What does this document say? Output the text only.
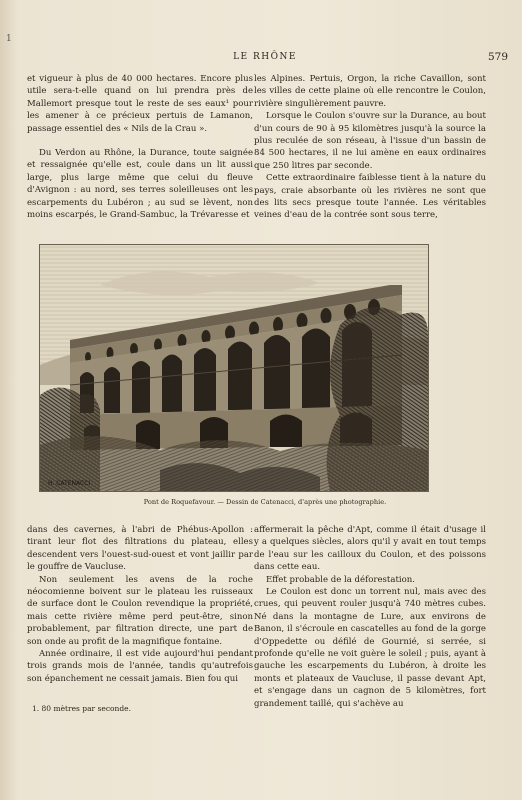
1
LE RHÔNE	579

et vigueur à plus de 40 000 hectares. Encore plus utile sera-t-elle quand on lui prendra près de Mallemort presque tout le reste de ses eaux¹ pour les amener à ce précieux pertuis de Lamanon, passage essentiel des « Nils de la Crau ».

Du Verdon au Rhône, la Durance, toute saignée et ressaignée qu'elle est, coule dans un lit aussi large, plus large même que celui du fleuve d'Avignon : au nord, ses terres soleilleuses ont les escarpements du Lubéron ; au sud se lèvent, non moins escarpés, le Grand-Sambuc, la Trévaresse et

les Alpines. Pertuis, Orgon, la riche Cavaillon, sont les villes de cette plaine où elle rencontre le Coulon, rivière singulièrement pauvre.

Lorsque le Coulon s'ouvre sur la Durance, au bout d'un cours de 90 à 95 kilomètres jusqu'à la source la plus reculée de son réseau, à l'issue d'un bassin de 84 500 hectares, il ne lui amène en eaux ordinaires que 250 litres par seconde.

Cette extraordinaire faiblesse tient à la nature du pays, craie absorbante où les rivières ne sont que des lits secs presque toute l'année. Les véritables veines d'eau de la contrée sont sous terre,

H. CATENACCI
Pont de Roquefavour. — Dessin de Catenacci, d'après une photographie.

dans des cavernes, à l'abri de Phébus-Apollon : tirant leur flot des filtrations du plateau, elles descendent vers l'ouest-sud-ouest et vont jaillir par le gouffre de Vaucluse.

Non seulement les avens de la roche néocomienne boivent sur le plateau les ruisseaux de surface dont le Coulon revendique la propriété, mais cette rivière même perd peut-être, sinon probablement, par filtration directe, une part de son onde au profit de la magnifique fontaine.

Année ordinaire, il est vide aujourd'hui pendant trois grands mois de l'année, tandis qu'autrefois son épanchement ne cessait jamais. Bien fou qui

affermerait la pêche d'Apt, comme il était d'usage il y a quelques siècles, alors qu'il y avait en tout temps de l'eau sur les cailloux du Coulon, et des poissons dans cette eau.

Effet probable de la déforestation.

Le Coulon est donc un torrent nul, mais avec des crues, qui peuvent rouler jusqu'à 740 mètres cubes. Né dans la montagne de Lure, aux environs de Banon, il s'écroule en cascatelles au fond de la gorge d'Oppedette ou défilé de Gournié, si serrée, si profonde qu'elle ne voit guère le soleil ; puis, ayant à gauche les escarpements du Lubéron, à droite les monts et plateaux de Vaucluse, il passe devant Apt, et s'engage dans un cagnon de 5 kilomètres, fort grandement taillé, qui s'achève au

1. 80 mètres par seconde.
